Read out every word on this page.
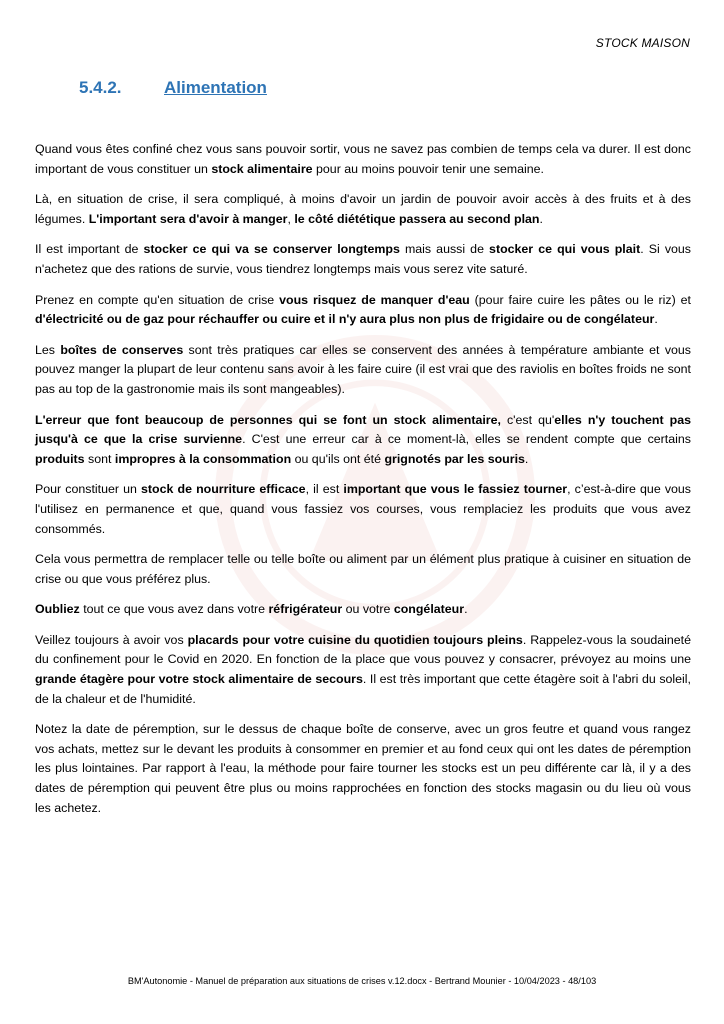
STOCK MAISON
5.4.2.	Alimentation

Quand vous êtes confiné chez vous sans pouvoir sortir, vous ne savez pas combien de temps cela va durer. Il est donc important de vous constituer un stock alimentaire pour au moins pouvoir tenir une semaine.

Là, en situation de crise, il sera compliqué, à moins d'avoir un jardin de pouvoir avoir accès à des fruits et à des légumes. L'important sera d'avoir à manger, le côté diététique passera au second plan.

Il est important de stocker ce qui va se conserver longtemps mais aussi de stocker ce qui vous plait. Si vous n'achetez que des rations de survie, vous tiendrez longtemps mais vous serez vite saturé.

Prenez en compte qu'en situation de crise vous risquez de manquer d'eau (pour faire cuire les pâtes ou le riz) et d'électricité ou de gaz pour réchauffer ou cuire et il n'y aura plus non plus de frigidaire ou de congélateur.

Les boîtes de conserves sont très pratiques car elles se conservent des années à température ambiante et vous pouvez manger la plupart de leur contenu sans avoir à les faire cuire (il est vrai que des raviolis en boîtes froids ne sont pas au top de la gastronomie mais ils sont mangeables).

L'erreur que font beaucoup de personnes qui se font un stock alimentaire, c'est qu'elles n'y touchent pas jusqu'à ce que la crise survienne. C'est une erreur car à ce moment-là, elles se rendent compte que certains produits sont impropres à la consommation ou qu'ils ont été grignotés par les souris.

Pour constituer un stock de nourriture efficace, il est important que vous le fassiez tourner, c’est-à-dire que vous l'utilisez en permanence et que, quand vous fassiez vos courses, vous remplaciez les produits que vous avez consommés.

Cela vous permettra de remplacer telle ou telle boîte ou aliment par un élément plus pratique à cuisiner en situation de crise ou que vous préférez plus.

Oubliez tout ce que vous avez dans votre réfrigérateur ou votre congélateur.

Veillez toujours à avoir vos placards pour votre cuisine du quotidien toujours pleins. Rappelez-vous la soudaineté du confinement pour le Covid en 2020. En fonction de la place que vous pouvez y consacrer, prévoyez au moins une grande étagère pour votre stock alimentaire de secours. Il est très important que cette étagère soit à l'abri du soleil, de la chaleur et de l'humidité.

Notez la date de péremption, sur le dessus de chaque boîte de conserve, avec un gros feutre et quand vous rangez vos achats, mettez sur le devant les produits à consommer en premier et au fond ceux qui ont les dates de péremption les plus lointaines. Par rapport à l'eau, la méthode pour faire tourner les stocks est un peu différente car là, il y a des dates de péremption qui peuvent être plus ou moins rapprochées en fonction des stocks magasin ou du lieu où vous les achetez.

BM'Autonomie - Manuel de préparation aux situations de crises v.12.docx - Bertrand Mounier - 10/04/2023 - 48/103
